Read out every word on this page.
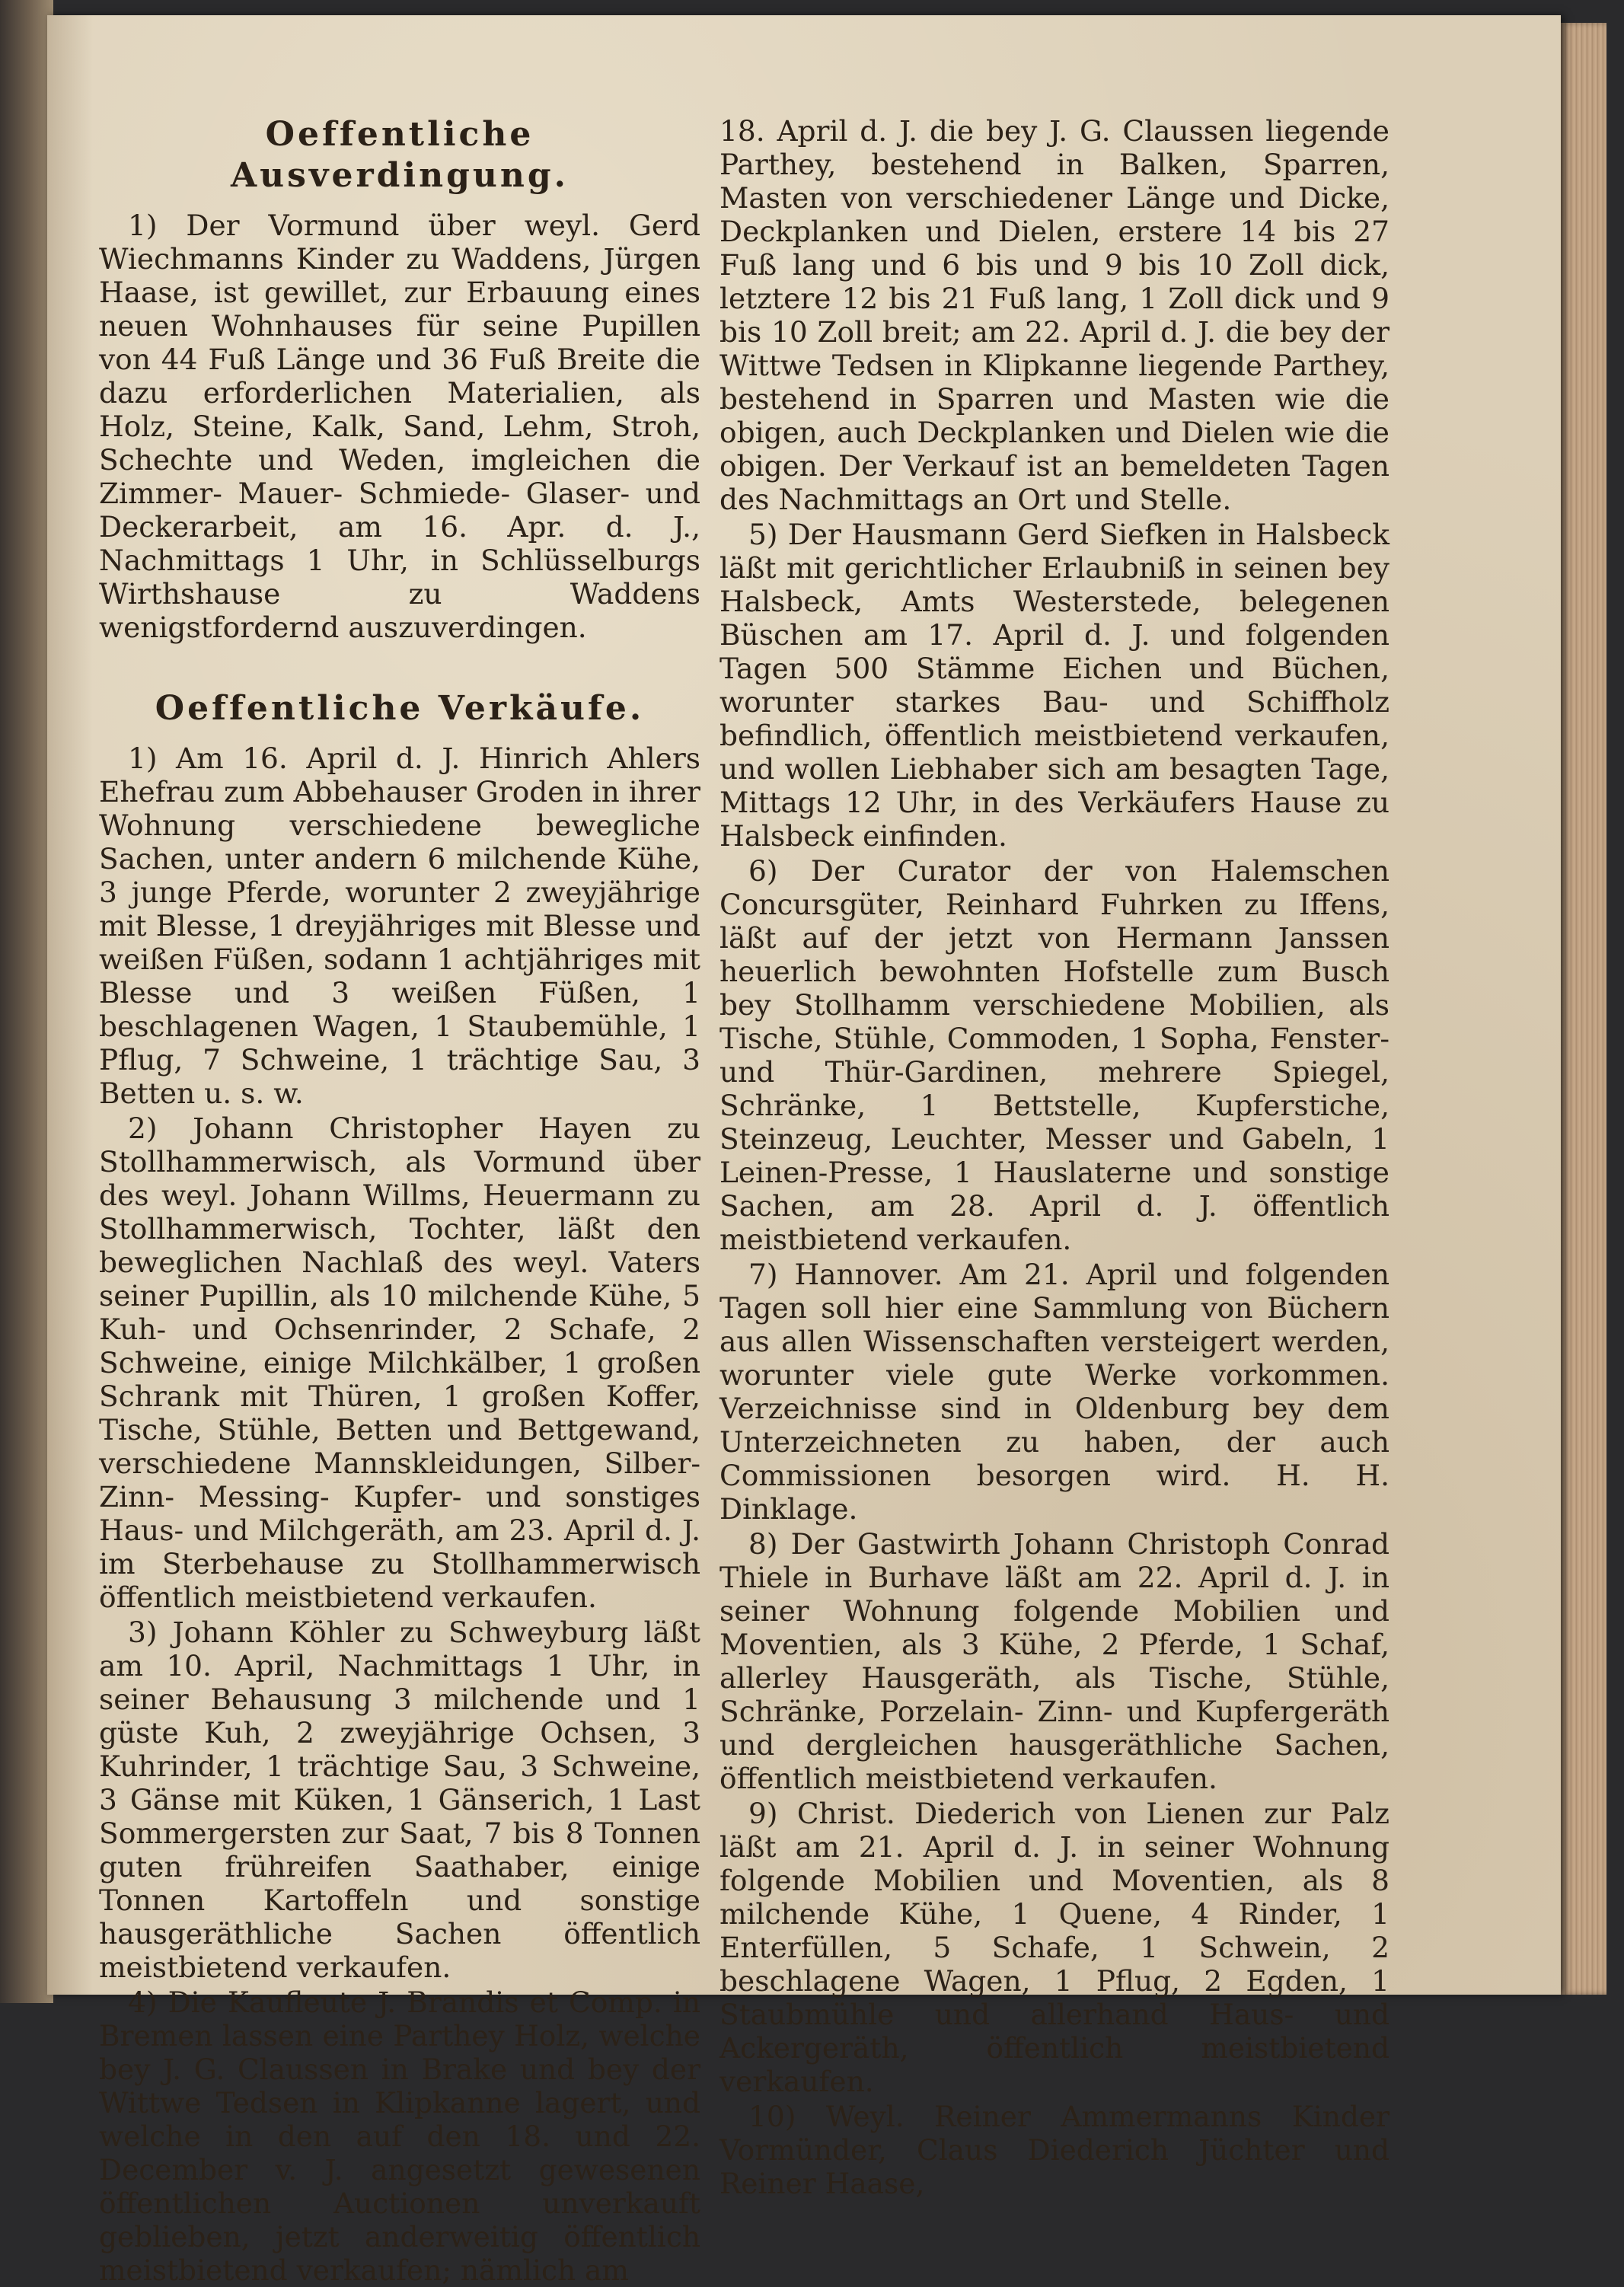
Oeffentliche Ausverdingung.

1) Der Vormund über weyl. Gerd Wiechmanns Kinder zu Waddens, Jürgen Haase, ist gewillet, zur Erbauung eines neuen Wohnhauses für seine Pupillen von 44 Fuß Länge und 36 Fuß Breite die dazu erforderlichen Materialien, als Holz, Steine, Kalk, Sand, Lehm, Stroh, Schechte und Weden, imgleichen die Zimmer- Mauer- Schmiede- Glaser- und Deckerarbeit, am 16. Apr. d. J., Nachmittags 1 Uhr, in Schlüsselburgs Wirthshause zu Waddens wenigstfordernd auszuverdingen.

Oeffentliche Verkäufe.

1) Am 16. April d. J. Hinrich Ahlers Ehefrau zum Abbehauser Groden in ihrer Wohnung verschiedene bewegliche Sachen, unter andern 6 milchende Kühe, 3 junge Pferde, worunter 2 zweyjährige mit Blesse, 1 dreyjähriges mit Blesse und weißen Füßen, sodann 1 achtjähriges mit Blesse und 3 weißen Füßen, 1 beschlagenen Wagen, 1 Staubemühle, 1 Pflug, 7 Schweine, 1 trächtige Sau, 3 Betten u. s. w.

2) Johann Christopher Hayen zu Stollhammerwisch, als Vormund über des weyl. Johann Willms, Heuermann zu Stollhammerwisch, Tochter, läßt den beweglichen Nachlaß des weyl. Vaters seiner Pupillin, als 10 milchende Kühe, 5 Kuh- und Ochsenrinder, 2 Schafe, 2 Schweine, einige Milchkälber, 1 großen Schrank mit Thüren, 1 großen Koffer, Tische, Stühle, Betten und Bettgewand, verschiedene Mannskleidungen, Silber- Zinn- Messing- Kupfer- und sonstiges Haus- und Milchgeräth, am 23. April d. J. im Sterbehause zu Stollhammerwisch öffentlich meistbietend verkaufen.

3) Johann Köhler zu Schweyburg läßt am 10. April, Nachmittags 1 Uhr, in seiner Behausung 3 milchende und 1 güste Kuh, 2 zweyjährige Ochsen, 3 Kuhrinder, 1 trächtige Sau, 3 Schweine, 3 Gänse mit Küken, 1 Gänserich, 1 Last Sommergersten zur Saat, 7 bis 8 Tonnen guten frühreifen Saathaber, einige Tonnen Kartoffeln und sonstige hausgeräthliche Sachen öffentlich meistbietend verkaufen.

4) Die Kaufleute J. Brandis et Comp. in Bremen lassen eine Parthey Holz, welche bey J. G. Claussen in Brake und bey der Wittwe Tedsen in Klipkanne lagert, und welche in den auf den 18. und 22. December v. J. angesetzt gewesenen öffentlichen Auctionen unverkauft geblieben, jetzt anderweitig öffentlich meistbietend verkaufen; nämlich am

18. April d. J. die bey J. G. Claussen liegende Parthey, bestehend in Balken, Sparren, Masten von verschiedener Länge und Dicke, Deckplanken und Dielen, erstere 14 bis 27 Fuß lang und 6 bis und 9 bis 10 Zoll dick, letztere 12 bis 21 Fuß lang, 1 Zoll dick und 9 bis 10 Zoll breit; am 22. April d. J. die bey der Wittwe Tedsen in Klipkanne liegende Parthey, bestehend in Sparren und Masten wie die obigen, auch Deckplanken und Dielen wie die obigen. Der Verkauf ist an bemeldeten Tagen des Nachmittags an Ort und Stelle.

5) Der Hausmann Gerd Siefken in Halsbeck läßt mit gerichtlicher Erlaubniß in seinen bey Halsbeck, Amts Westerstede, belegenen Büschen am 17. April d. J. und folgenden Tagen 500 Stämme Eichen und Büchen, worunter starkes Bau- und Schiffholz befindlich, öffentlich meistbietend verkaufen, und wollen Liebhaber sich am besagten Tage, Mittags 12 Uhr, in des Verkäufers Hause zu Halsbeck einfinden.

6) Der Curator der von Halemschen Concursgüter, Reinhard Fuhrken zu Iffens, läßt auf der jetzt von Hermann Janssen heuerlich bewohnten Hofstelle zum Busch bey Stollhamm verschiedene Mobilien, als Tische, Stühle, Commoden, 1 Sopha, Fenster- und Thür-Gardinen, mehrere Spiegel, Schränke, 1 Bettstelle, Kupferstiche, Steinzeug, Leuchter, Messer und Gabeln, 1 Leinen-Presse, 1 Hauslaterne und sonstige Sachen, am 28. April d. J. öffentlich meistbietend verkaufen.

7) Hannover. Am 21. April und folgenden Tagen soll hier eine Sammlung von Büchern aus allen Wissenschaften versteigert werden, worunter viele gute Werke vorkommen. Verzeichnisse sind in Oldenburg bey dem Unterzeichneten zu haben, der auch Commissionen besorgen wird. H. H. Dinklage.

8) Der Gastwirth Johann Christoph Conrad Thiele in Burhave läßt am 22. April d. J. in seiner Wohnung folgende Mobilien und Moventien, als 3 Kühe, 2 Pferde, 1 Schaf, allerley Hausgeräth, als Tische, Stühle, Schränke, Porzelain- Zinn- und Kupfergeräth und dergleichen hausgeräthliche Sachen, öffentlich meistbietend verkaufen.

9) Christ. Diederich von Lienen zur Palz läßt am 21. April d. J. in seiner Wohnung folgende Mobilien und Moventien, als 8 milchende Kühe, 1 Quene, 4 Rinder, 1 Enterfüllen, 5 Schafe, 1 Schwein, 2 beschlagene Wagen, 1 Pflug, 2 Egden, 1 Staubmühle und allerhand Haus- und Ackergeräth, öffentlich meistbietend verkaufen.

10) Weyl. Reiner Ammermanns Kinder Vormünder, Claus Diederich Jüchter und Reiner Haase,
